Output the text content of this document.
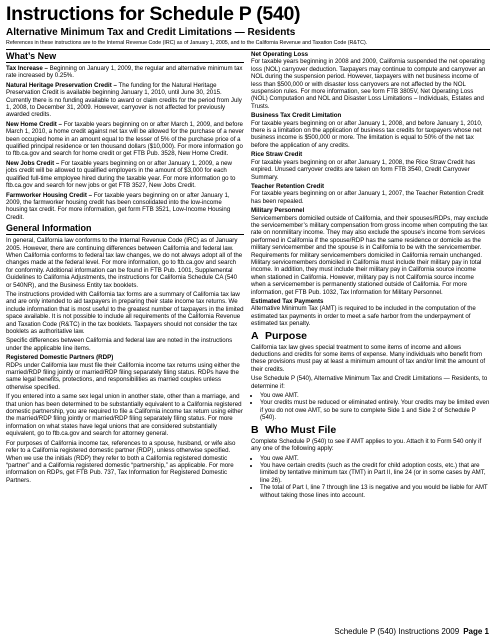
Instructions for Schedule P (540)
Alternative Minimum Tax and Credit Limitations — Residents
References in these instructions are to the Internal Revenue Code (IRC) as of January 1, 2005, and to the California Revenue and Taxation Code (R&TC).
What’s New

Tax Increase – Beginning on January 1, 2009, the regular and alternative minimum tax rate increased by 0.25%.

Natural Heritage Preservation Credit – The funding for the Natural Heritage Preservation Credit is available beginning January 1, 2010, until June 30, 2015. Currently there is no funding available to award or claim credits for the period from July 1, 2008, to December 31, 2009. However, carryover is not affected for previously awarded credits.

New Home Credit – For taxable years beginning on or after March 1, 2009, and before March 1, 2010, a home credit against net tax will be allowed for the purchase of a never been occupied home in an amount equal to the lesser of 5% of the purchase price of a qualified principal residence or ten thousand dollars ($10,000). For more information go to ftb.ca.gov and search for home credit or get FTB Pub. 3528, New Home Credit.

New Jobs Credit – For taxable years beginning on or after January 1, 2009, a new jobs credit will be allowed to qualified employers in the amount of $3,000 for each qualified full-time employee hired during the taxable year. For more information go to ftb.ca.gov and search for new jobs or get FTB 3527, New Jobs Credit.

Farmworker Housing Credit – For taxable years beginning on or after January 1, 2009, the farmworker housing credit has been consolidated into the low-income housing tax credit. For more information, get form FTB 3521, Low-Income Housing Credit.

General Information

In general, California law conforms to the Internal Revenue Code (IRC) as of January 2005. However, there are continuing differences between California and federal law. When California conforms to federal tax law changes, we do not always adopt all of the changes made at the federal level. For more information, go to ftb.ca.gov and search for conformity. Additional information can be found in FTB Pub. 1001, Supplemental Guidelines to California Adjustments, the instructions for California Schedule CA (540 or 540NR), and the Business Entity tax booklets.

The instructions provided with California tax forms are a summary of California tax law and are only intended to aid taxpayers in preparing their state income tax returns. We include information that is most useful to the greatest number of taxpayers in the limited space available. It is not possible to include all requirements of the California Revenue and Taxation Code (R&TC) in the tax booklets. Taxpayers should not consider the tax booklets as authoritative law.

Specific differences between California and federal law are noted in the instructions under the applicable line items.

Registered Domestic Partners (RDP)

RDPs under California law must file their California income tax returns using either the married/RDP filing jointly or married/RDP filing separately filing status. RDPs have the same legal benefits, protections, and responsibilities as married couples unless otherwise specified.

If you entered into a same sex legal union in another state, other than a marriage, and that union has been determined to be substantially equivalent to a California registered domestic partnership, you are required to file a California income tax return using either the married/RDP filing jointly or married/RDP filing separately filing status. For more information on what states have legal unions that are considered substantially equivalent, go to ftb.ca.gov and search for attorney general.

For purposes of California income tax, references to a spouse, husband, or wife also refer to a California registered domestic partner (RDP), unless otherwise specified. When we use the initials (RDP) they refer to both a California registered domestic “partner” and a California registered domestic “partnership,” as applicable. For more information on RDPs, get FTB Pub. 737, Tax Information for Registered Domestic Partners.

Net Operating Loss

For taxable years beginning in 2008 and 2009, California suspended the net operating loss (NOL) carryover deduction. Taxpayers may continue to compute and carryover an NOL during the suspension period. However, taxpayers with net business income of less than $500,000 or with disaster loss carryovers are not affected by the NOL suspension rules. For more information, see form FTB 3805V, Net Operating Loss (NOL) Computation and NOL and Disaster Loss Limitations – Individuals, Estates and Trusts.

Business Tax Credit Limitation

For taxable years beginning on or after January 1, 2008, and before January 1, 2010, there is a limitation on the application of business tax credits for taxpayers whose net business income is $500,000 or more. The limitation is equal to 50% of the net tax before the application of any credits.

Rice Straw Credit

For taxable years beginning on or after January 1, 2008, the Rice Straw Credit has expired. Unused carryover credits are taken on form FTB 3540, Credit Carryover Summary.

Teacher Retention Credit

For taxable years beginning on or after January 1, 2007, the Teacher Retention Credit has been repealed.

Military Personnel

Servicemembers domiciled outside of California, and their spouses/RDPs, may exclude the servicemember’s military compensation from gross income when computing the tax rate on nonmilitary income. They may also exclude the spouse’s income from services performed in California if the spouse/RDP has the same residence or domicile as the military servicemember and the spouse is in California to be with the servicemember. Requirements for military servicemembers domiciled in California remain unchanged. Military servicemembers domiciled in California must include their military pay in total income. In addition, they must include their military pay in California source income when stationed in California. However, military pay is not California source income when a servicemember is permanently stationed outside of California. For more information, get FTB Pub. 1032, Tax Information for Military Personnel.

Estimated Tax Payments

Alternative Minimum Tax (AMT) is required to be included in the computation of the estimated tax payments in order to meet a safe harbor from the underpayment of estimated tax penalty.

A Purpose

California tax law gives special treatment to some items of income and allows deductions and credits for some items of expense. Many individuals who benefit from these provisions must pay at least a minimum amount of tax and/or limit the amount of their credits.

Use Schedule P (540), Alternative Minimum Tax and Credit Limitations — Residents, to determine if:

• You owe AMT.
• Your credits must be reduced or eliminated entirely. Your credits may be limited even if you do not owe AMT, so be sure to complete Side 1 and Side 2 of Schedule P (540).
B Who Must File

Complete Schedule P (540) to see if AMT applies to you. Attach it to Form 540 only if any one of the following apply:

• You owe AMT.
• You have certain credits (such as the credit for child adoption costs, etc.) that are limited by tentative minimum tax (TMT) in Part II, line 24 (or in some cases by AMT, line 26).
• The total of Part I, line 7 through line 13 is negative and you would be liable for AMT without taking those lines into account.
Schedule P (540) Instructions 2009 Page 1
